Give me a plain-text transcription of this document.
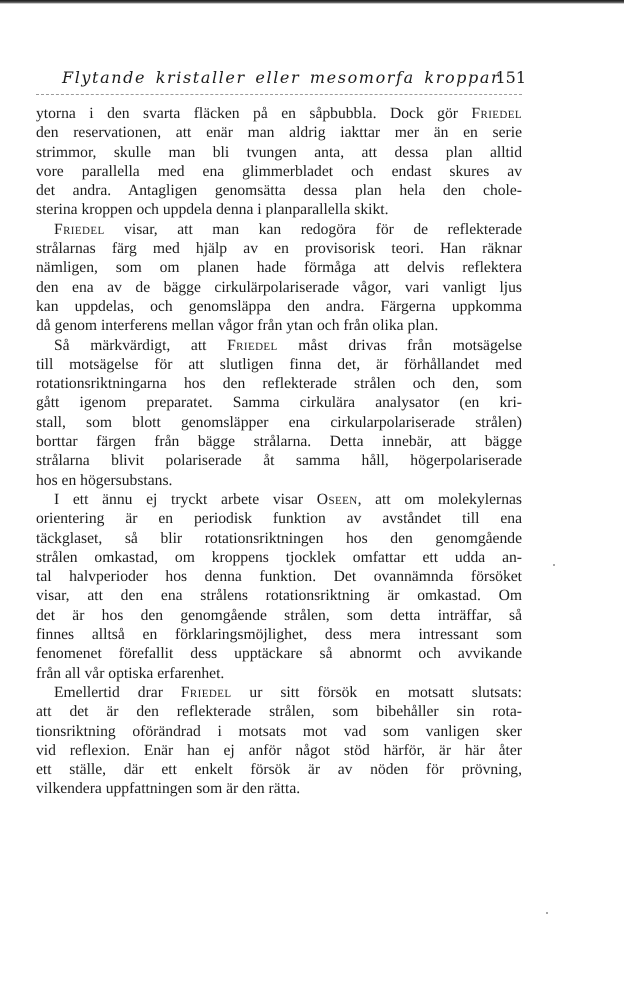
Flytande kristaller eller mesomorfa kroppar
151
ytorna i den svarta fläcken på en såpbubbla. Dock gör Friedel
den reservationen, att enär man aldrig iakttar mer än en serie
strimmor, skulle man bli tvungen anta, att dessa plan alltid
vore parallella med ena glimmerbladet och endast skures av
det andra. Antagligen genomsätta dessa plan hela den chole-
sterina kroppen och uppdela denna i planparallella skikt.
Friedel visar, att man kan redogöra för de reflekterade
strålarnas färg med hjälp av en provisorisk teori. Han räknar
nämligen, som om planen hade förmåga att delvis reflektera
den ena av de bägge cirkulärpolariserade vågor, vari vanligt ljus
kan uppdelas, och genomsläppa den andra. Färgerna uppkomma
då genom interferens mellan vågor från ytan och från olika plan.
Så märkvärdigt, att Friedel måst drivas från motsägelse
till motsägelse för att slutligen finna det, är förhållandet med
rotationsriktningarna hos den reflekterade strålen och den, som
gått igenom preparatet. Samma cirkulära analysator (en kri-
stall, som blott genomsläpper ena cirkularpolariserade strålen)
borttar färgen från bägge strålarna. Detta innebär, att bägge
strålarna blivit polariserade åt samma håll, högerpolariserade
hos en högersubstans.
I ett ännu ej tryckt arbete visar Oseen, att om molekylernas
orientering är en periodisk funktion av avståndet till ena
täckglaset, så blir rotationsriktningen hos den genomgående
strålen omkastad, om kroppens tjocklek omfattar ett udda an-
tal halvperioder hos denna funktion. Det ovannämnda försöket
visar, att den ena strålens rotationsriktning är omkastad. Om
det är hos den genomgående strålen, som detta inträffar, så
finnes alltså en förklaringsmöjlighet, dess mera intressant som
fenomenet förefallit dess upptäckare så abnormt och avvikande
från all vår optiska erfarenhet.
Emellertid drar Friedel ur sitt försök en motsatt slutsats:
att det är den reflekterade strålen, som bibehåller sin rota-
tionsriktning oförändrad i motsats mot vad som vanligen sker
vid reflexion. Enär han ej anför något stöd härför, är här åter
ett ställe, där ett enkelt försök är av nöden för prövning,
vilkendera uppfattningen som är den rätta.
